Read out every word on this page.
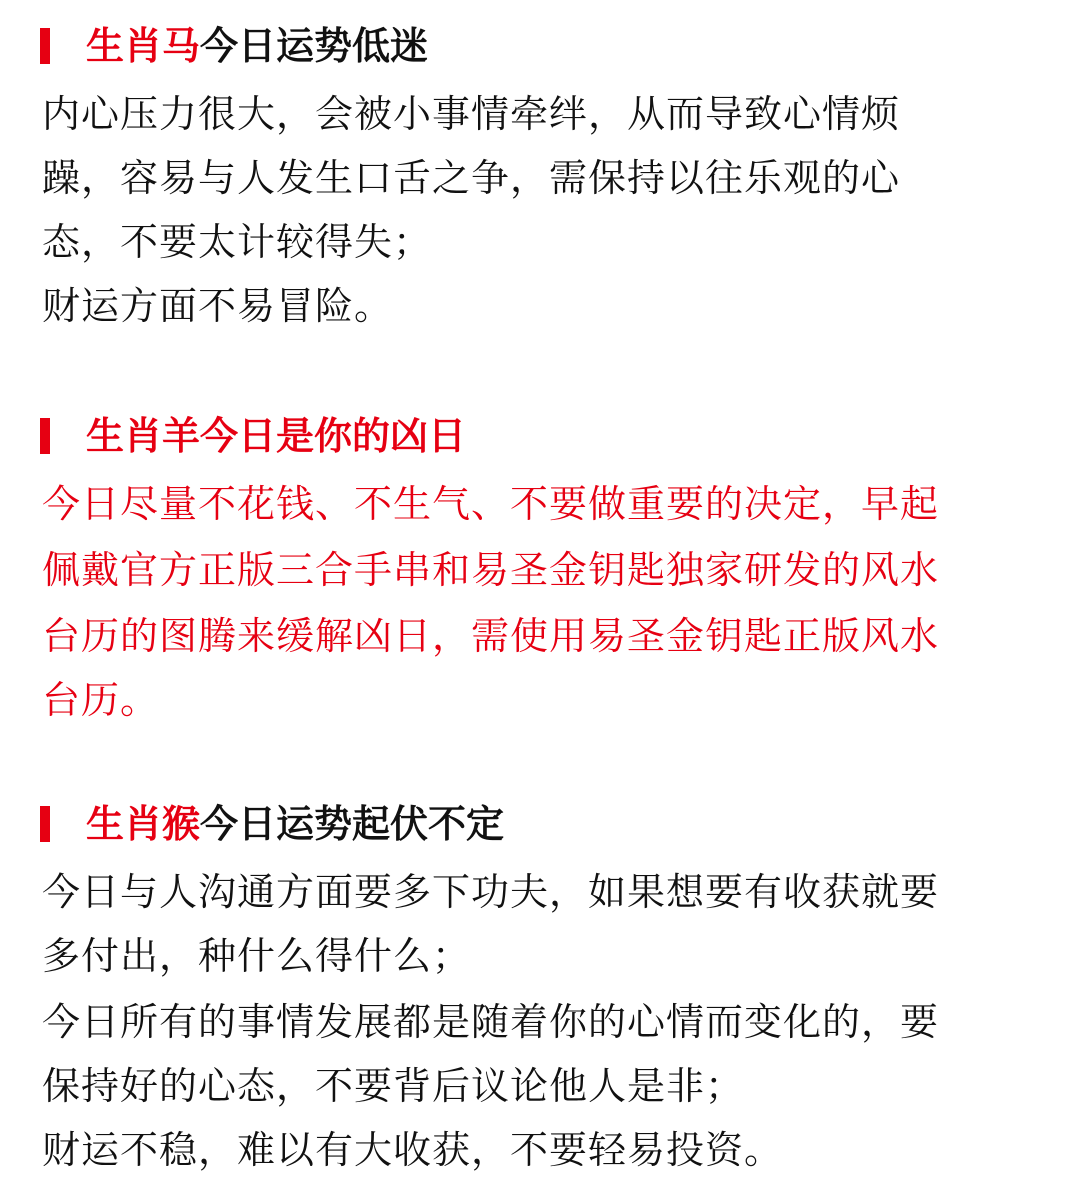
生肖马 今日运势低迷
内心压力很大，会被小事情牵绊，从而导致心情烦
躁，容易与人发生口舌之争，需保持以往乐观的心
态，不要太计较得失；
财运方面不易冒险。
生肖羊 今日是你的凶日
今日尽量不花钱、不生气、不要做重要的决定，早起
佩戴官方正版三合手串和易圣金钥匙独家研发的风水
台历的图腾来缓解凶日，需使用易圣金钥匙正版风水
台历。
生肖猴 今日运势起伏不定
今日与人沟通方面要多下功夫，如果想要有收获就要
多付出，种什么得什么；
今日所有的事情发展都是随着你的心情而变化的，要
保持好的心态，不要背后议论他人是非；
财运不稳，难以有大收获，不要轻易投资。
